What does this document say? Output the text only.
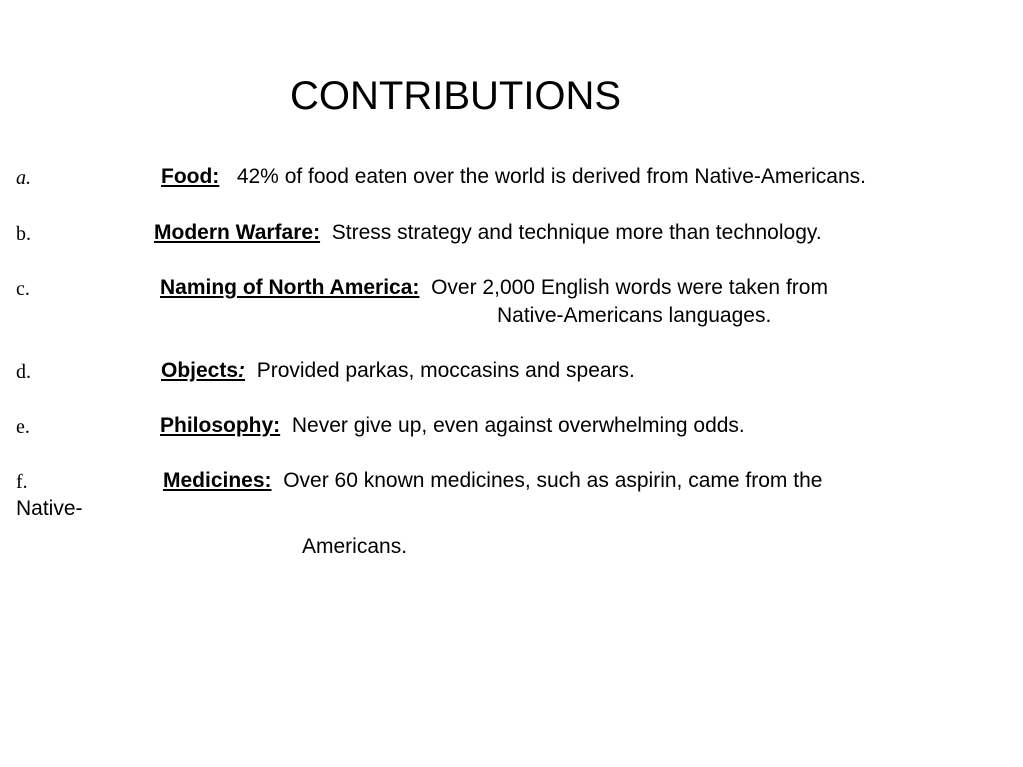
CONTRIBUTIONS
a.	Food: 42% of food eaten over the world is derived from Native-Americans.
b.	Modern Warfare: Stress strategy and technique more than technology.
c.	Naming of North America: Over 2,000 English words were taken from
Native-Americans languages.
d.	Objects: Provided parkas, moccasins and spears.
e.	Philosophy: Never give up, even against overwhelming odds.
f.	Medicines: Over 60 known medicines, such as aspirin, came from the
Native-
Americans.
